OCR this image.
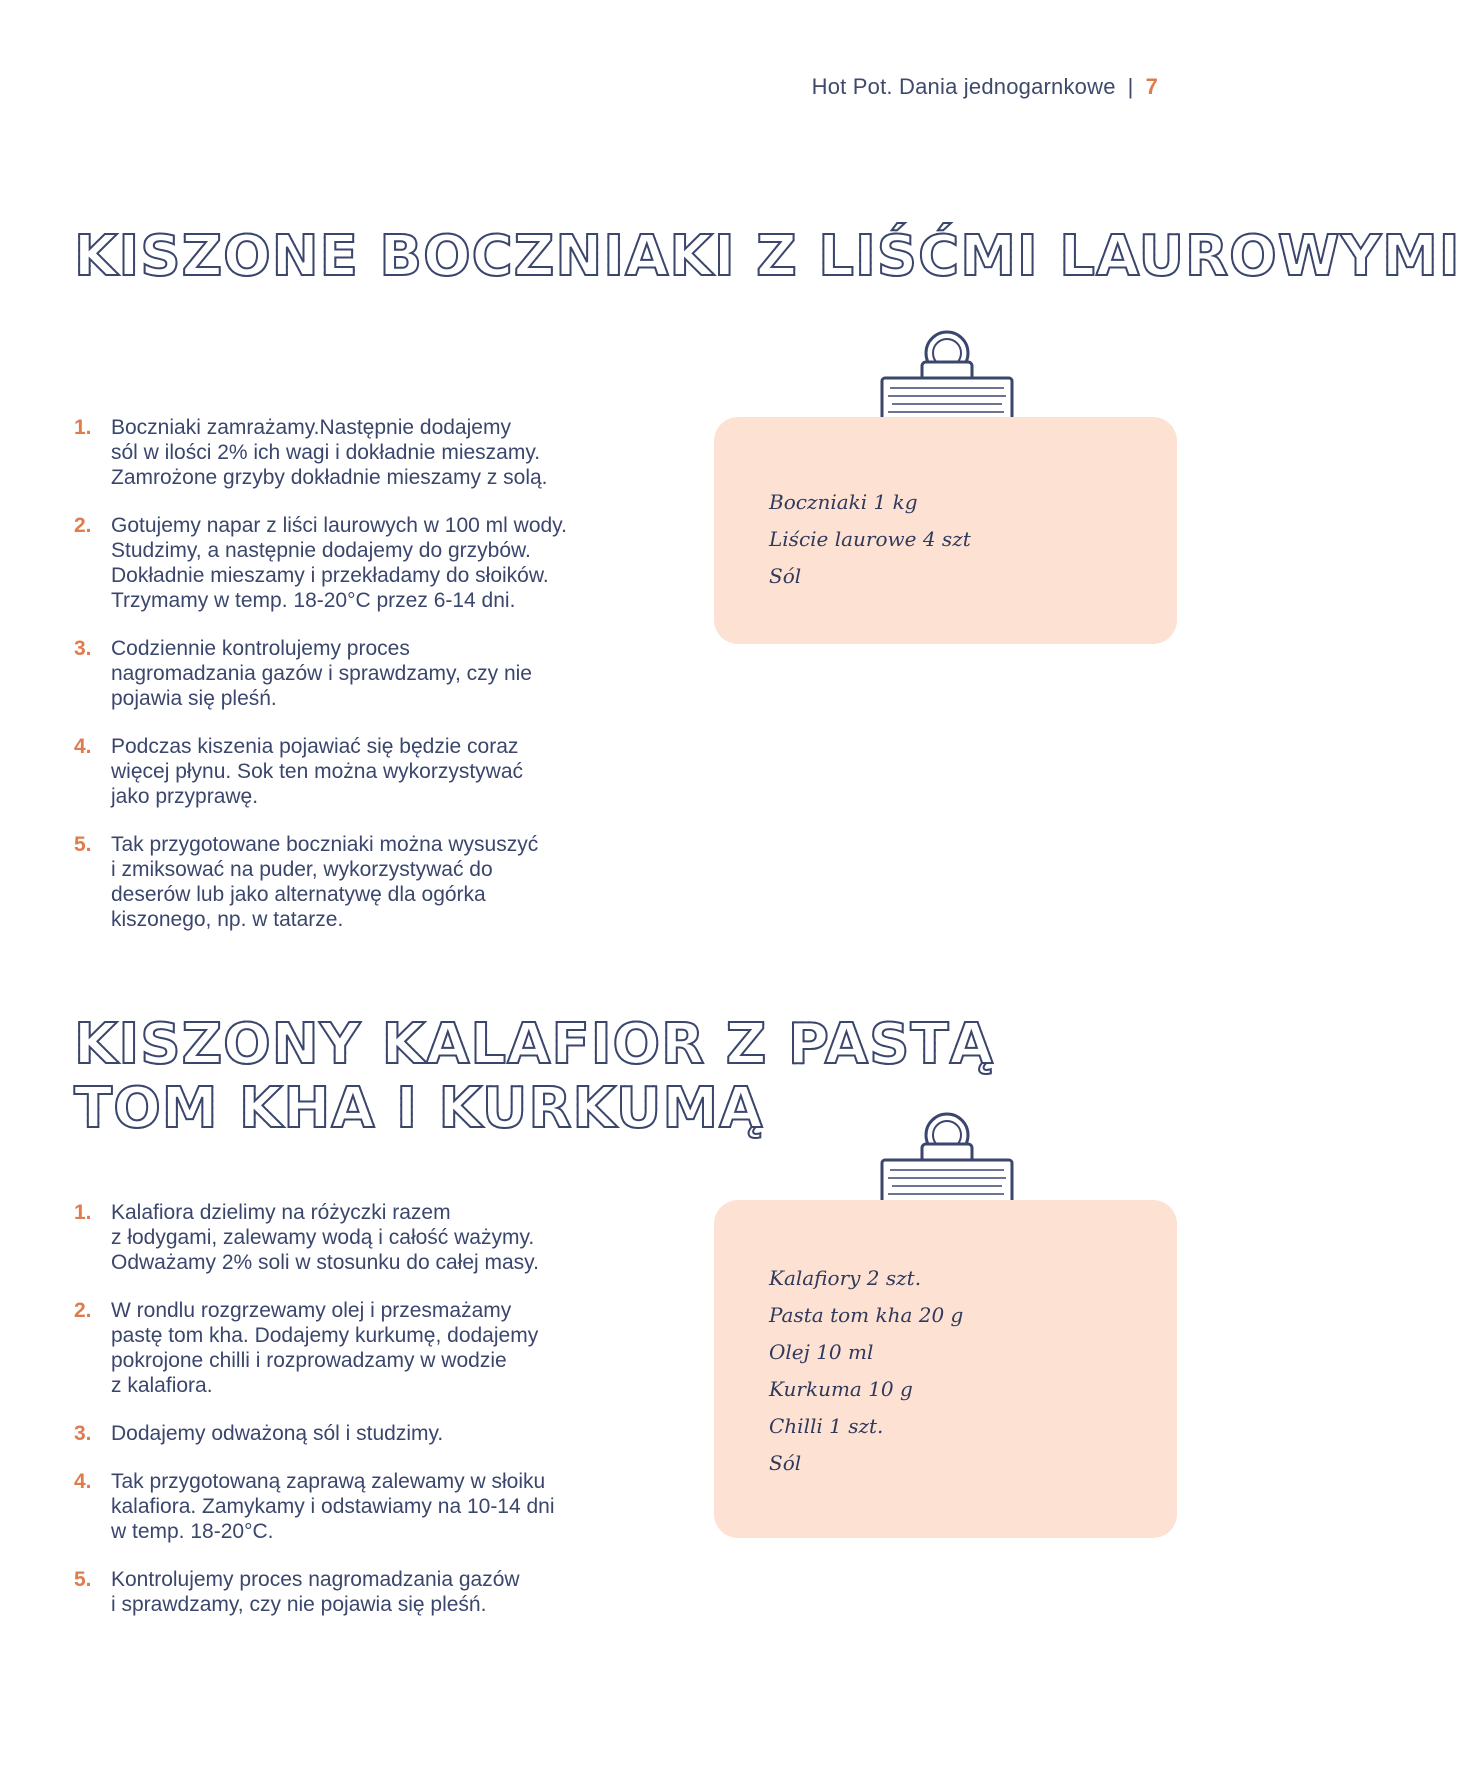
Hot Pot. Dania jednogarnkowe | 7
KISZONE BOCZNIAKI Z LIŚĆMI LAUROWYMI
1. Boczniaki zamrażamy.Następnie dodajemy
sól w ilości 2% ich wagi i dokładnie mieszamy.
Zamrożone grzyby dokładnie mieszamy z solą.
2. Gotujemy napar z liści laurowych w 100 ml wody.
Studzimy, a następnie dodajemy do grzybów.
Dokładnie mieszamy i przekładamy do słoików.
Trzymamy w temp. 18-20°C przez 6-14 dni.
3. Codziennie kontrolujemy proces
nagromadzania gazów i sprawdzamy, czy nie
pojawia się pleśń.
4. Podczas kiszenia pojawiać się będzie coraz
więcej płynu. Sok ten można wykorzystywać
jako przyprawę.
5. Tak przygotowane boczniaki można wysuszyć
i zmiksować na puder, wykorzystywać do
deserów lub jako alternatywę dla ogórka
kiszonego, np. w tatarze.
Boczniaki 1 kg
Liście laurowe 4 szt
Sól
KISZONY KALAFIOR Z PASTĄ
TOM KHA I KURKUMĄ
1. Kalafiora dzielimy na różyczki razem
z łodygami, zalewamy wodą i całość ważymy.
Odważamy 2% soli w stosunku do całej masy.
2. W rondlu rozgrzewamy olej i przesmażamy
pastę tom kha. Dodajemy kurkumę, dodajemy
pokrojone chilli i rozprowadzamy w wodzie
z kalafiora.
3. Dodajemy odważoną sól i studzimy.
4. Tak przygotowaną zaprawą zalewamy w słoiku
kalafiora. Zamykamy i odstawiamy na 10-14 dni
w temp. 18-20°C.
5. Kontrolujemy proces nagromadzania gazów
i sprawdzamy, czy nie pojawia się pleśń.
Kalafiory 2 szt.
Pasta tom kha 20 g
Olej 10 ml
Kurkuma 10 g
Chilli 1 szt.
Sól
